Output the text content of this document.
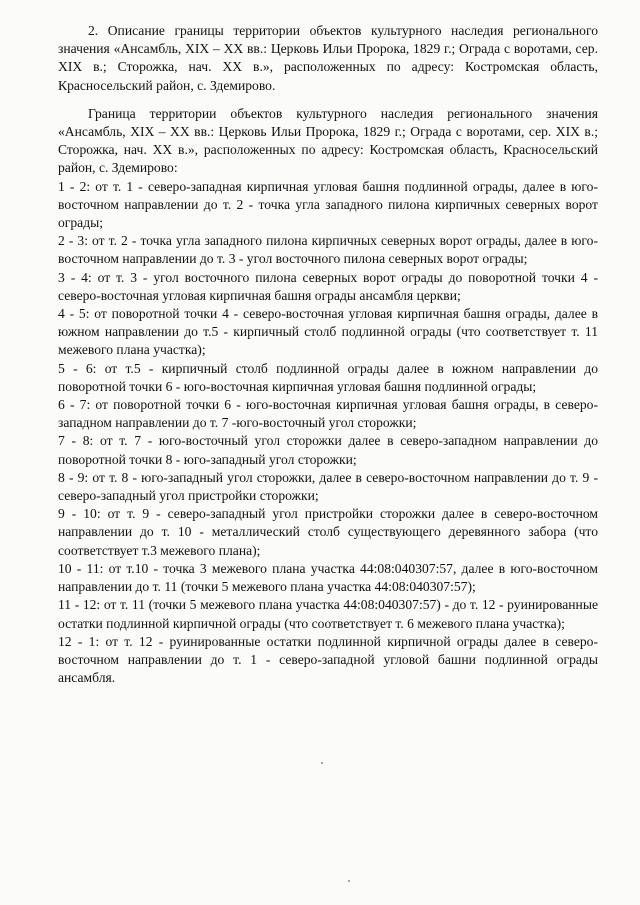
2. Описание границы территории объектов культурного наследия регионального значения «Ансамбль, XIX – XX вв.: Церковь Ильи Пророка, 1829 г.; Ограда с воротами, сер. XIX в.; Сторожка, нач. XX в.», расположенных по адресу: Костромская область, Красносельский район, с. Здемирово.

Граница территории объектов культурного наследия регионального значения «Ансамбль, XIX – XX вв.: Церковь Ильи Пророка, 1829 г.; Ограда с воротами, сер. XIX в.; Сторожка, нач. XX в.», расположенных по адресу: Костромская область, Красносельский район, с. Здемирово:

1 - 2: от т. 1 - северо-западная кирпичная угловая башня подлинной ограды, далее в юго-восточном направлении до т. 2 - точка угла западного пилона кирпичных северных ворот ограды;

2 - 3: от т. 2 - точка угла западного пилона кирпичных северных ворот ограды, далее в юго-восточном направлении до т. 3 - угол восточного пилона северных ворот ограды;

3 - 4: от т. 3 - угол восточного пилона северных ворот ограды до поворотной точки 4 - северо-восточная угловая кирпичная башня ограды ансамбля церкви;

4 - 5: от поворотной точки 4 - северо-восточная угловая кирпичная башня ограды, далее в южном направлении до т.5 - кирпичный столб подлинной ограды (что соответствует т. 11 межевого плана участка);

5 - 6: от т.5 - кирпичный столб подлинной ограды далее в южном направлении до поворотной точки 6 - юго-восточная кирпичная угловая башня подлинной ограды;

6 - 7: от поворотной точки 6 - юго-восточная кирпичная угловая башня ограды, в северо-западном направлении до т. 7 -юго-восточный угол сторожки;

7 - 8: от т. 7 - юго-восточный угол сторожки далее в северо-западном направлении до поворотной точки 8 - юго-западный угол сторожки;

8 - 9: от т. 8 - юго-западный угол сторожки, далее в северо-восточном направлении до т. 9 - северо-западный угол пристройки сторожки;

9 - 10: от т. 9 - северо-западный угол пристройки сторожки далее в северо-восточном направлении до т. 10 - металлический столб существующего деревянного забора (что соответствует т.3 межевого плана);

10 - 11: от т.10 - точка 3 межевого плана участка 44:08:040307:57, далее в юго-восточном направлении до т. 11 (точки 5 межевого плана участка 44:08:040307:57);

11 - 12: от т. 11 (точки 5 межевого плана участка 44:08:040307:57) - до т. 12 - руинированные остатки подлинной кирпичной ограды (что соответствует т. 6 межевого плана участка);

12 - 1: от т. 12 - руинированные остатки подлинной кирпичной ограды далее в северо-восточном направлении до т. 1 - северо-западной угловой башни подлинной ограды ансамбля.
